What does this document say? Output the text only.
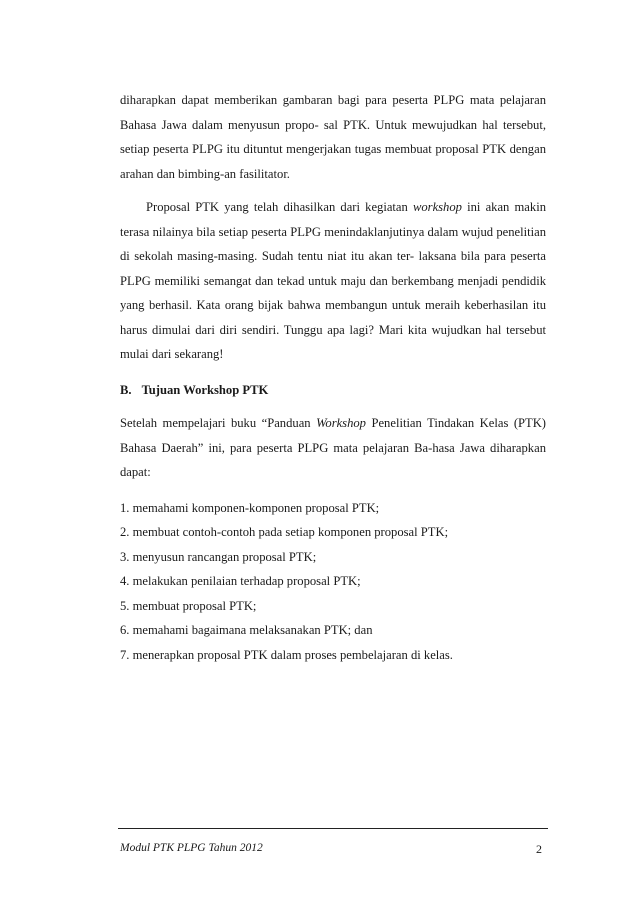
diharapkan dapat memberikan gambaran bagi para peserta PLPG mata pelajaran Bahasa Jawa dalam menyusun propo- sal PTK. Untuk mewujudkan hal tersebut, setiap peserta PLPG itu dituntut mengerjakan tugas membuat proposal PTK dengan arahan dan bimbing-an fasilitator.

Proposal PTK yang telah dihasilkan dari kegiatan workshop ini akan makin terasa nilainya bila setiap peserta PLPG menindaklanjutinya dalam wujud penelitian di sekolah masing-masing. Sudah tentu niat itu akan ter- laksana bila para peserta PLPG memiliki semangat dan tekad untuk maju dan berkembang menjadi pendidik yang berhasil. Kata orang bijak bahwa membangun untuk meraih keberhasilan itu harus dimulai dari diri sendiri. Tunggu apa lagi? Mari kita wujudkan hal tersebut mulai dari sekarang!

B. Tujuan Workshop PTK

Setelah mempelajari buku “Panduan Workshop Penelitian Tindakan Kelas (PTK) Bahasa Daerah” ini, para peserta PLPG mata pelajaran Ba-hasa Jawa diharapkan dapat:

1. memahami komponen-komponen proposal PTK;
2. membuat contoh-contoh pada setiap komponen proposal PTK;
3. menyusun rancangan proposal PTK;
4. melakukan penilaian terhadap proposal PTK;
5. membuat proposal PTK;
6. memahami bagaimana melaksanakan PTK; dan
7. menerapkan proposal PTK dalam proses pembelajaran di kelas.
Modul PTK PLPG Tahun 2012	2
